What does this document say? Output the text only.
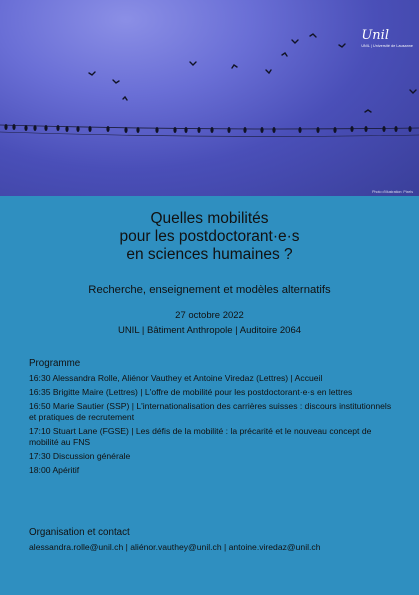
Unil
UNIL | Université de Lausanne
Photo d'illustration: Pixels
Quelles mobilités
pour les postdoctorant·e·s
en sciences humaines ?
Recherche, enseignement et modèles alternatifs
27 octobre 2022
UNIL | Bâtiment Anthropole | Auditoire 2064
Programme
16:30 Alessandra Rolle, Aliénor Vauthey et Antoine Viredaz (Lettres) | Accueil
16:35 Brigitte Maire (Lettres) | L'offre de mobilité pour les postdoctorant·e·s en lettres
16:50 Marie Sautier (SSP) | L'internationalisation des carrières suisses : discours institutionnels et pratiques de recrutement
17:10 Stuart Lane (FGSE) | Les défis de la mobilité : la précarité et le nouveau concept de mobilité au FNS
17:30 Discussion générale
18:00 Apéritif
Organisation et contact
alessandra.rolle@unil.ch | aliénor.vauthey@unil.ch | antoine.viredaz@unil.ch
